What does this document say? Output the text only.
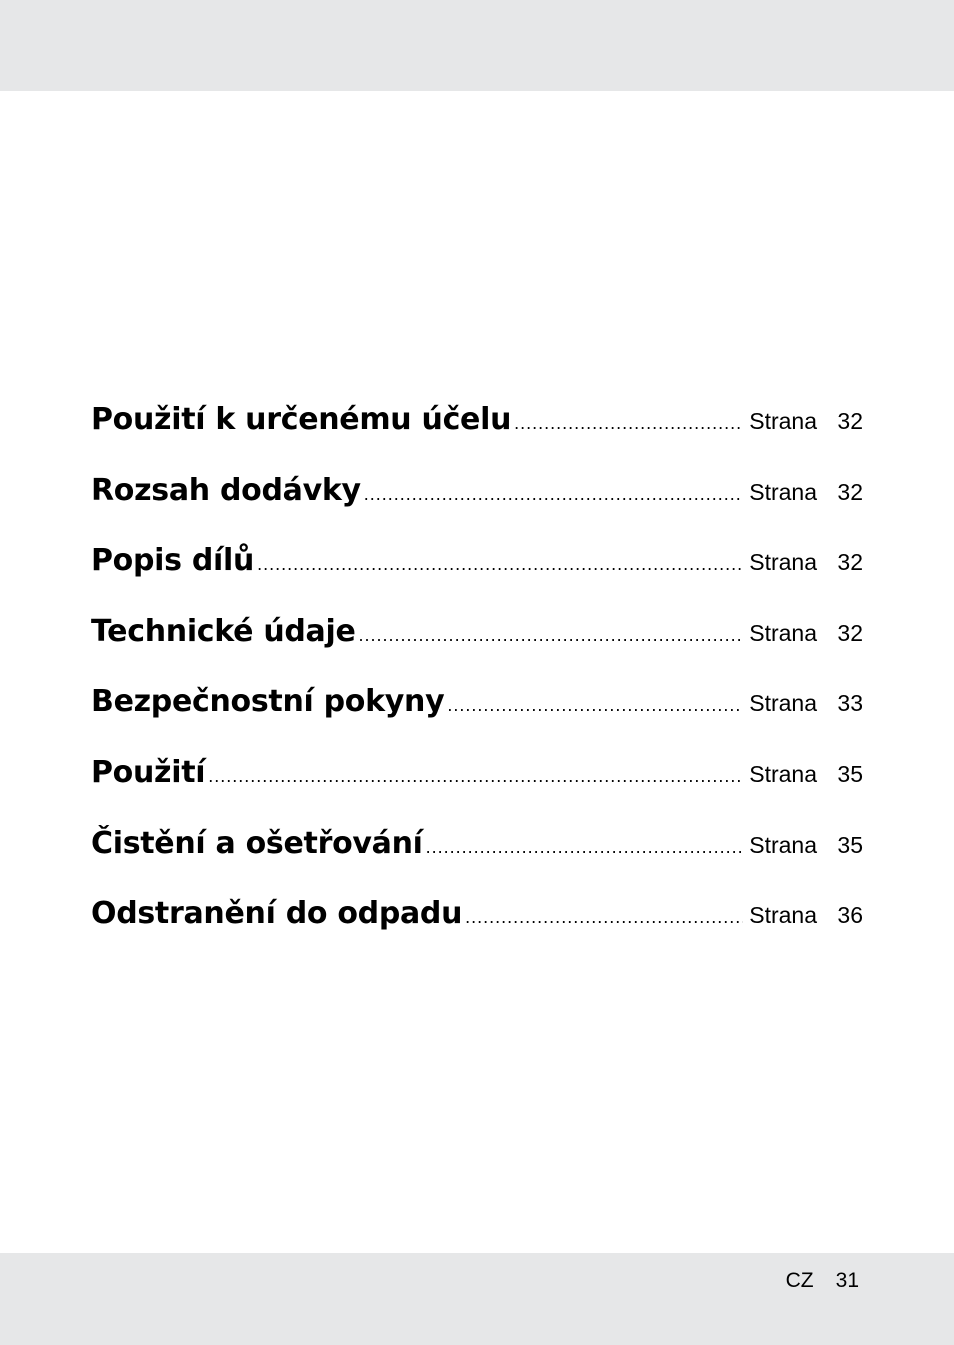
Použití k určenému účelu .....	Strana 32
Rozsah dodávky .....	Strana 32
Popis dílů .....	Strana 32
Technické údaje .....	Strana 32
Bezpečnostní pokyny .....	Strana 33
Použití .....	Strana 35
Čistění a ošetřování .....	Strana 35
Odstranění do odpadu .....	Strana 36
CZ 31
